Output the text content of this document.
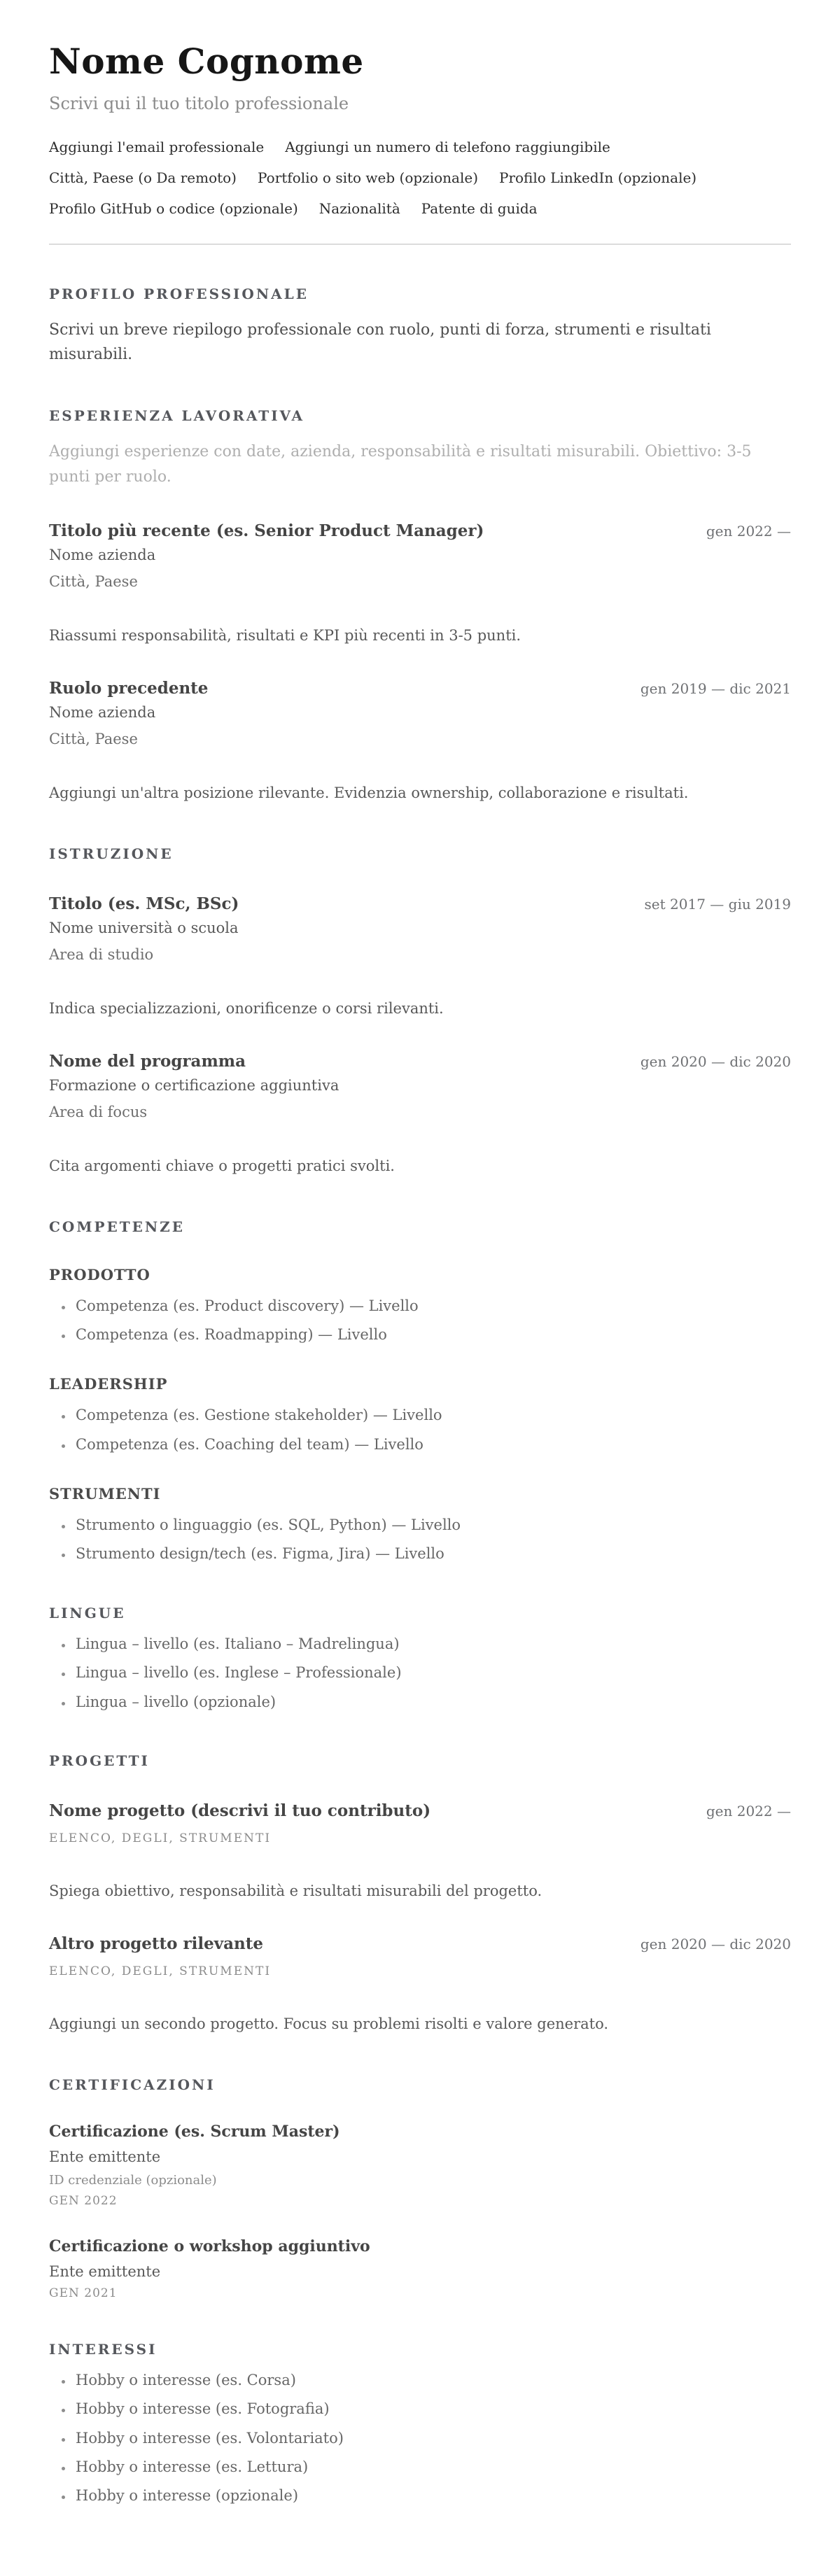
Nome Cognome
Scrivi qui il tuo titolo professionale
Aggiungi l'email professionale Aggiungi un numero di telefono raggiungibile
Città, Paese (o Da remoto) Portfolio o sito web (opzionale) Profilo LinkedIn (opzionale)
Profilo GitHub o codice (opzionale) Nazionalità Patente di guida
PROFILO PROFESSIONALE

Scrivi un breve riepilogo professionale con ruolo, punti di forza, strumenti e risultati misurabili.

ESPERIENZA LAVORATIVA

Aggiungi esperienze con date, azienda, responsabilità e risultati misurabili. Obiettivo: 3-5 punti per ruolo.

Titolo più recente (es. Senior Product Manager)	gen 2022 —
Nome azienda
Città, Paese

Riassumi responsabilità, risultati e KPI più recenti in 3-5 punti.

Ruolo precedente	gen 2019 — dic 2021
Nome azienda
Città, Paese

Aggiungi un'altra posizione rilevante. Evidenzia ownership, collaborazione e risultati.

ISTRUZIONE
Titolo (es. MSc, BSc)	set 2017 — giu 2019
Nome università o scuola
Area di studio

Indica specializzazioni, onorificenze o corsi rilevanti.

Nome del programma	gen 2020 — dic 2020
Formazione o certificazione aggiuntiva
Area di focus

Cita argomenti chiave o progetti pratici svolti.

COMPETENZE
PRODOTTO
• Competenza (es. Product discovery) — Livello
• Competenza (es. Roadmapping) — Livello
LEADERSHIP
• Competenza (es. Gestione stakeholder) — Livello
• Competenza (es. Coaching del team) — Livello
STRUMENTI
• Strumento o linguaggio (es. SQL, Python) — Livello
• Strumento design/tech (es. Figma, Jira) — Livello
LINGUE
• Lingua – livello (es. Italiano – Madrelingua)
• Lingua – livello (es. Inglese – Professionale)
• Lingua – livello (opzionale)
PROGETTI
Nome progetto (descrivi il tuo contributo)	gen 2022 —
ELENCO, DEGLI, STRUMENTI

Spiega obiettivo, responsabilità e risultati misurabili del progetto.

Altro progetto rilevante	gen 2020 — dic 2020
ELENCO, DEGLI, STRUMENTI

Aggiungi un secondo progetto. Focus su problemi risolti e valore generato.

CERTIFICAZIONI
Certificazione (es. Scrum Master)
Ente emittente
ID credenziale (opzionale)
GEN 2022
Certificazione o workshop aggiuntivo
Ente emittente
GEN 2021
INTERESSI
• Hobby o interesse (es. Corsa)
• Hobby o interesse (es. Fotografia)
• Hobby o interesse (es. Volontariato)
• Hobby o interesse (es. Lettura)
• Hobby o interesse (opzionale)
